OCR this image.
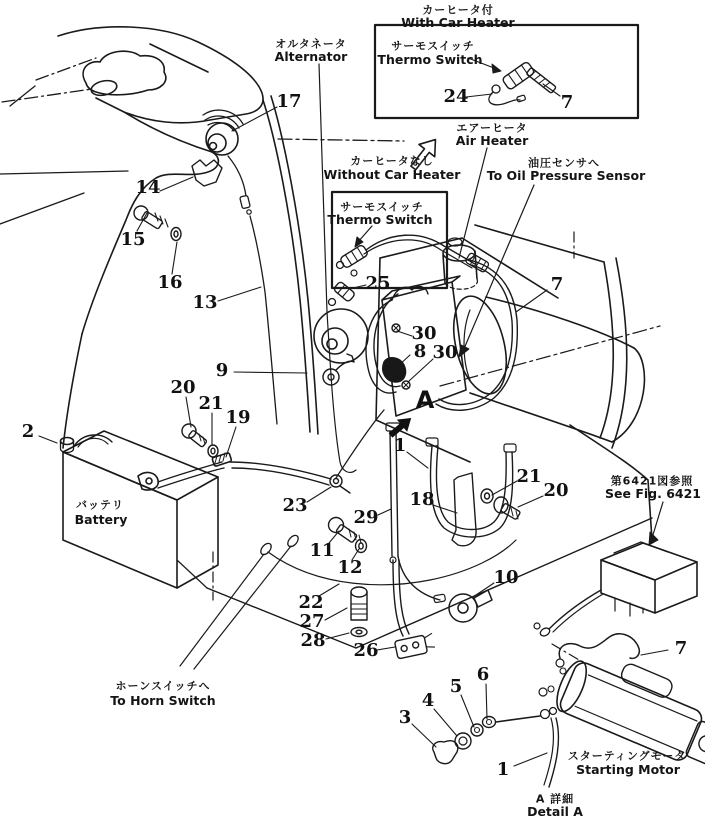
カーヒータ付
With Car Heater
サーモスイッチ
Thermo Switch
オルタネータ
Alternator
エアーヒータ
Air Heater
油圧センサへ
To Oil Pressure Sensor
カーヒータなし
Without Car Heater
サーモスイッチ
Thermo Switch
バッテリ
Battery
第6421図参照
See Fig. 6421
ホーンスイッチへ
To Horn Switch
スターティングモータ
Starting Motor
A 詳細
Detail A
24	7
17
14
15
16
13
25
30
8 30
7
9
20
21
19
2
A
1
23
29
18
21
20
11
12
22
27
28 26
10
7
3
4
5
6
1
